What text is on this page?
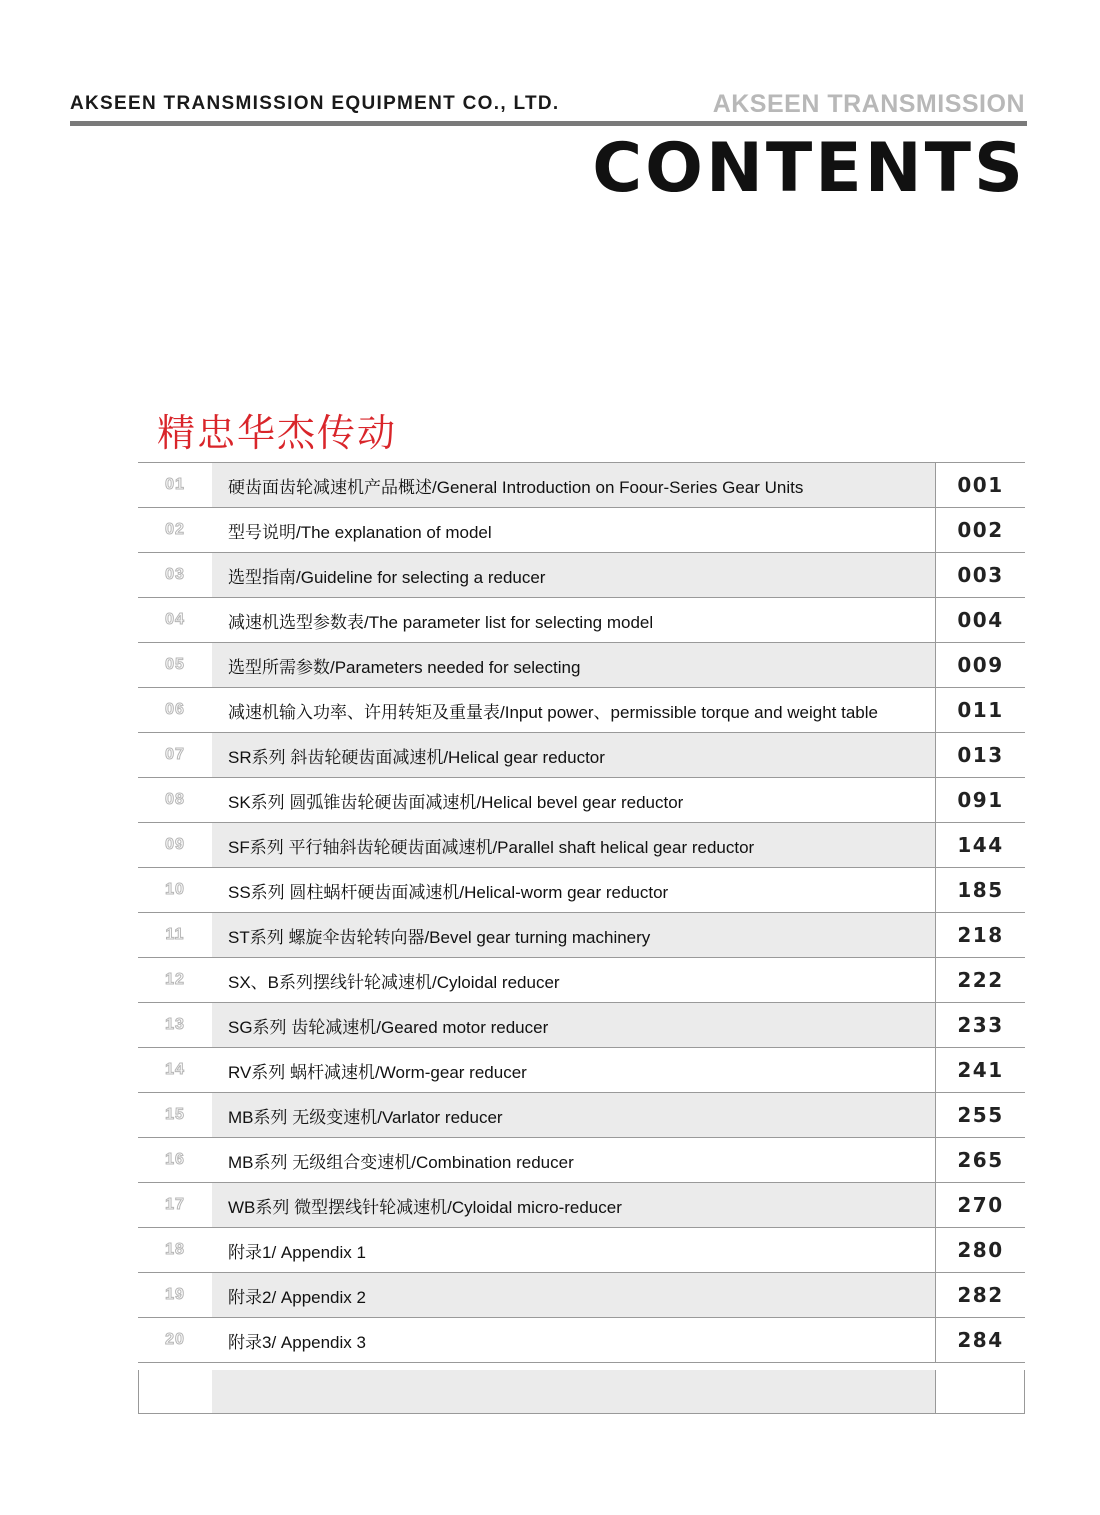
AKSEEN TRANSMISSION EQUIPMENT CO., LTD.	AKSEEN TRANSMISSION
CONTENTS
精忠华杰传动
01	硬齿面齿轮减速机产品概述/General Introduction on Foour-Series Gear Units	001
02	型号说明/The explanation of model	002
03	选型指南/Guideline for selecting a reducer	003
04	减速机选型参数表/The parameter list for selecting model	004
05	选型所需参数/Parameters needed for selecting	009
06	减速机输入功率、许用转矩及重量表/Input power、permissible torque and weight table	011
07	SR系列 斜齿轮硬齿面减速机/Helical gear reductor	013
08	SK系列 圆弧锥齿轮硬齿面减速机/Helical bevel gear reductor	091
09	SF系列 平行轴斜齿轮硬齿面减速机/Parallel shaft helical gear reductor	144
10	SS系列 圆柱蜗杆硬齿面减速机/Helical-worm gear reductor	185
11	ST系列 螺旋伞齿轮转向器/Bevel gear turning machinery	218
12	SX、B系列摆线针轮减速机/Cyloidal reducer	222
13	SG系列 齿轮减速机/Geared motor reducer	233
14	RV系列 蜗杆减速机/Worm-gear reducer	241
15	MB系列 无级变速机/Varlator reducer	255
16	MB系列 无级组合变速机/Combination reducer	265
17	WB系列 微型摆线针轮减速机/Cyloidal micro-reducer	270
18	附录1/ Appendix 1	280
19	附录2/ Appendix 2	282
20	附录3/ Appendix 3	284
